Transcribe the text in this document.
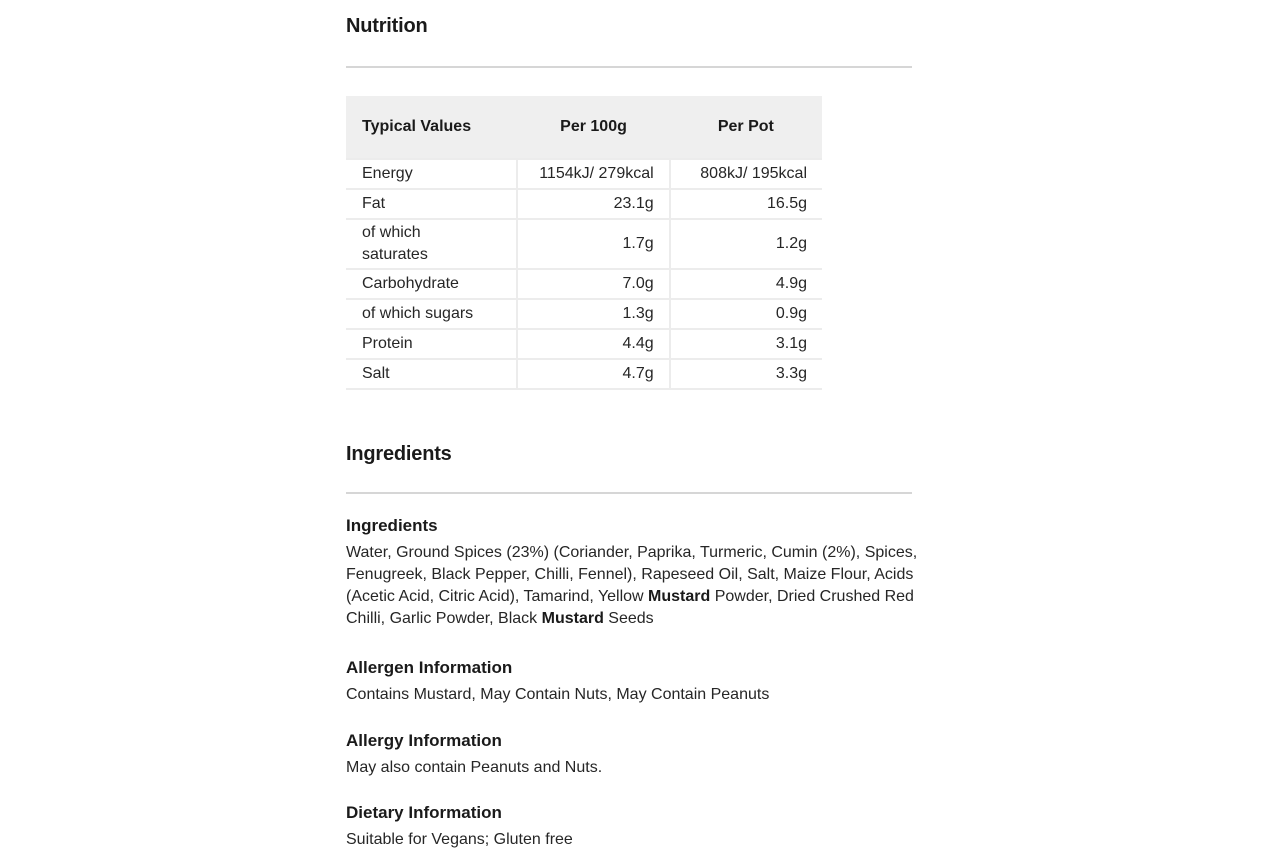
Nutrition
Typical Values	Per 100g	Per Pot
Energy	1154kJ/ 279kcal	808kJ/ 195kcal
Fat	23.1g	16.5g
of which saturates	1.7g	1.2g
Carbohydrate	7.0g	4.9g
of which sugars	1.3g	0.9g
Protein	4.4g	3.1g
Salt	4.7g	3.3g
Ingredients
Ingredients

Water, Ground Spices (23%) (Coriander, Paprika, Turmeric, Cumin (2%), Spices, Fenugreek, Black Pepper, Chilli, Fennel), Rapeseed Oil, Salt, Maize Flour, Acids (Acetic Acid, Citric Acid), Tamarind, Yellow Mustard Powder, Dried Crushed Red Chilli, Garlic Powder, Black Mustard Seeds

Allergen Information

Contains Mustard, May Contain Nuts, May Contain Peanuts

Allergy Information

May also contain Peanuts and Nuts.

Dietary Information

Suitable for Vegans; Gluten free
